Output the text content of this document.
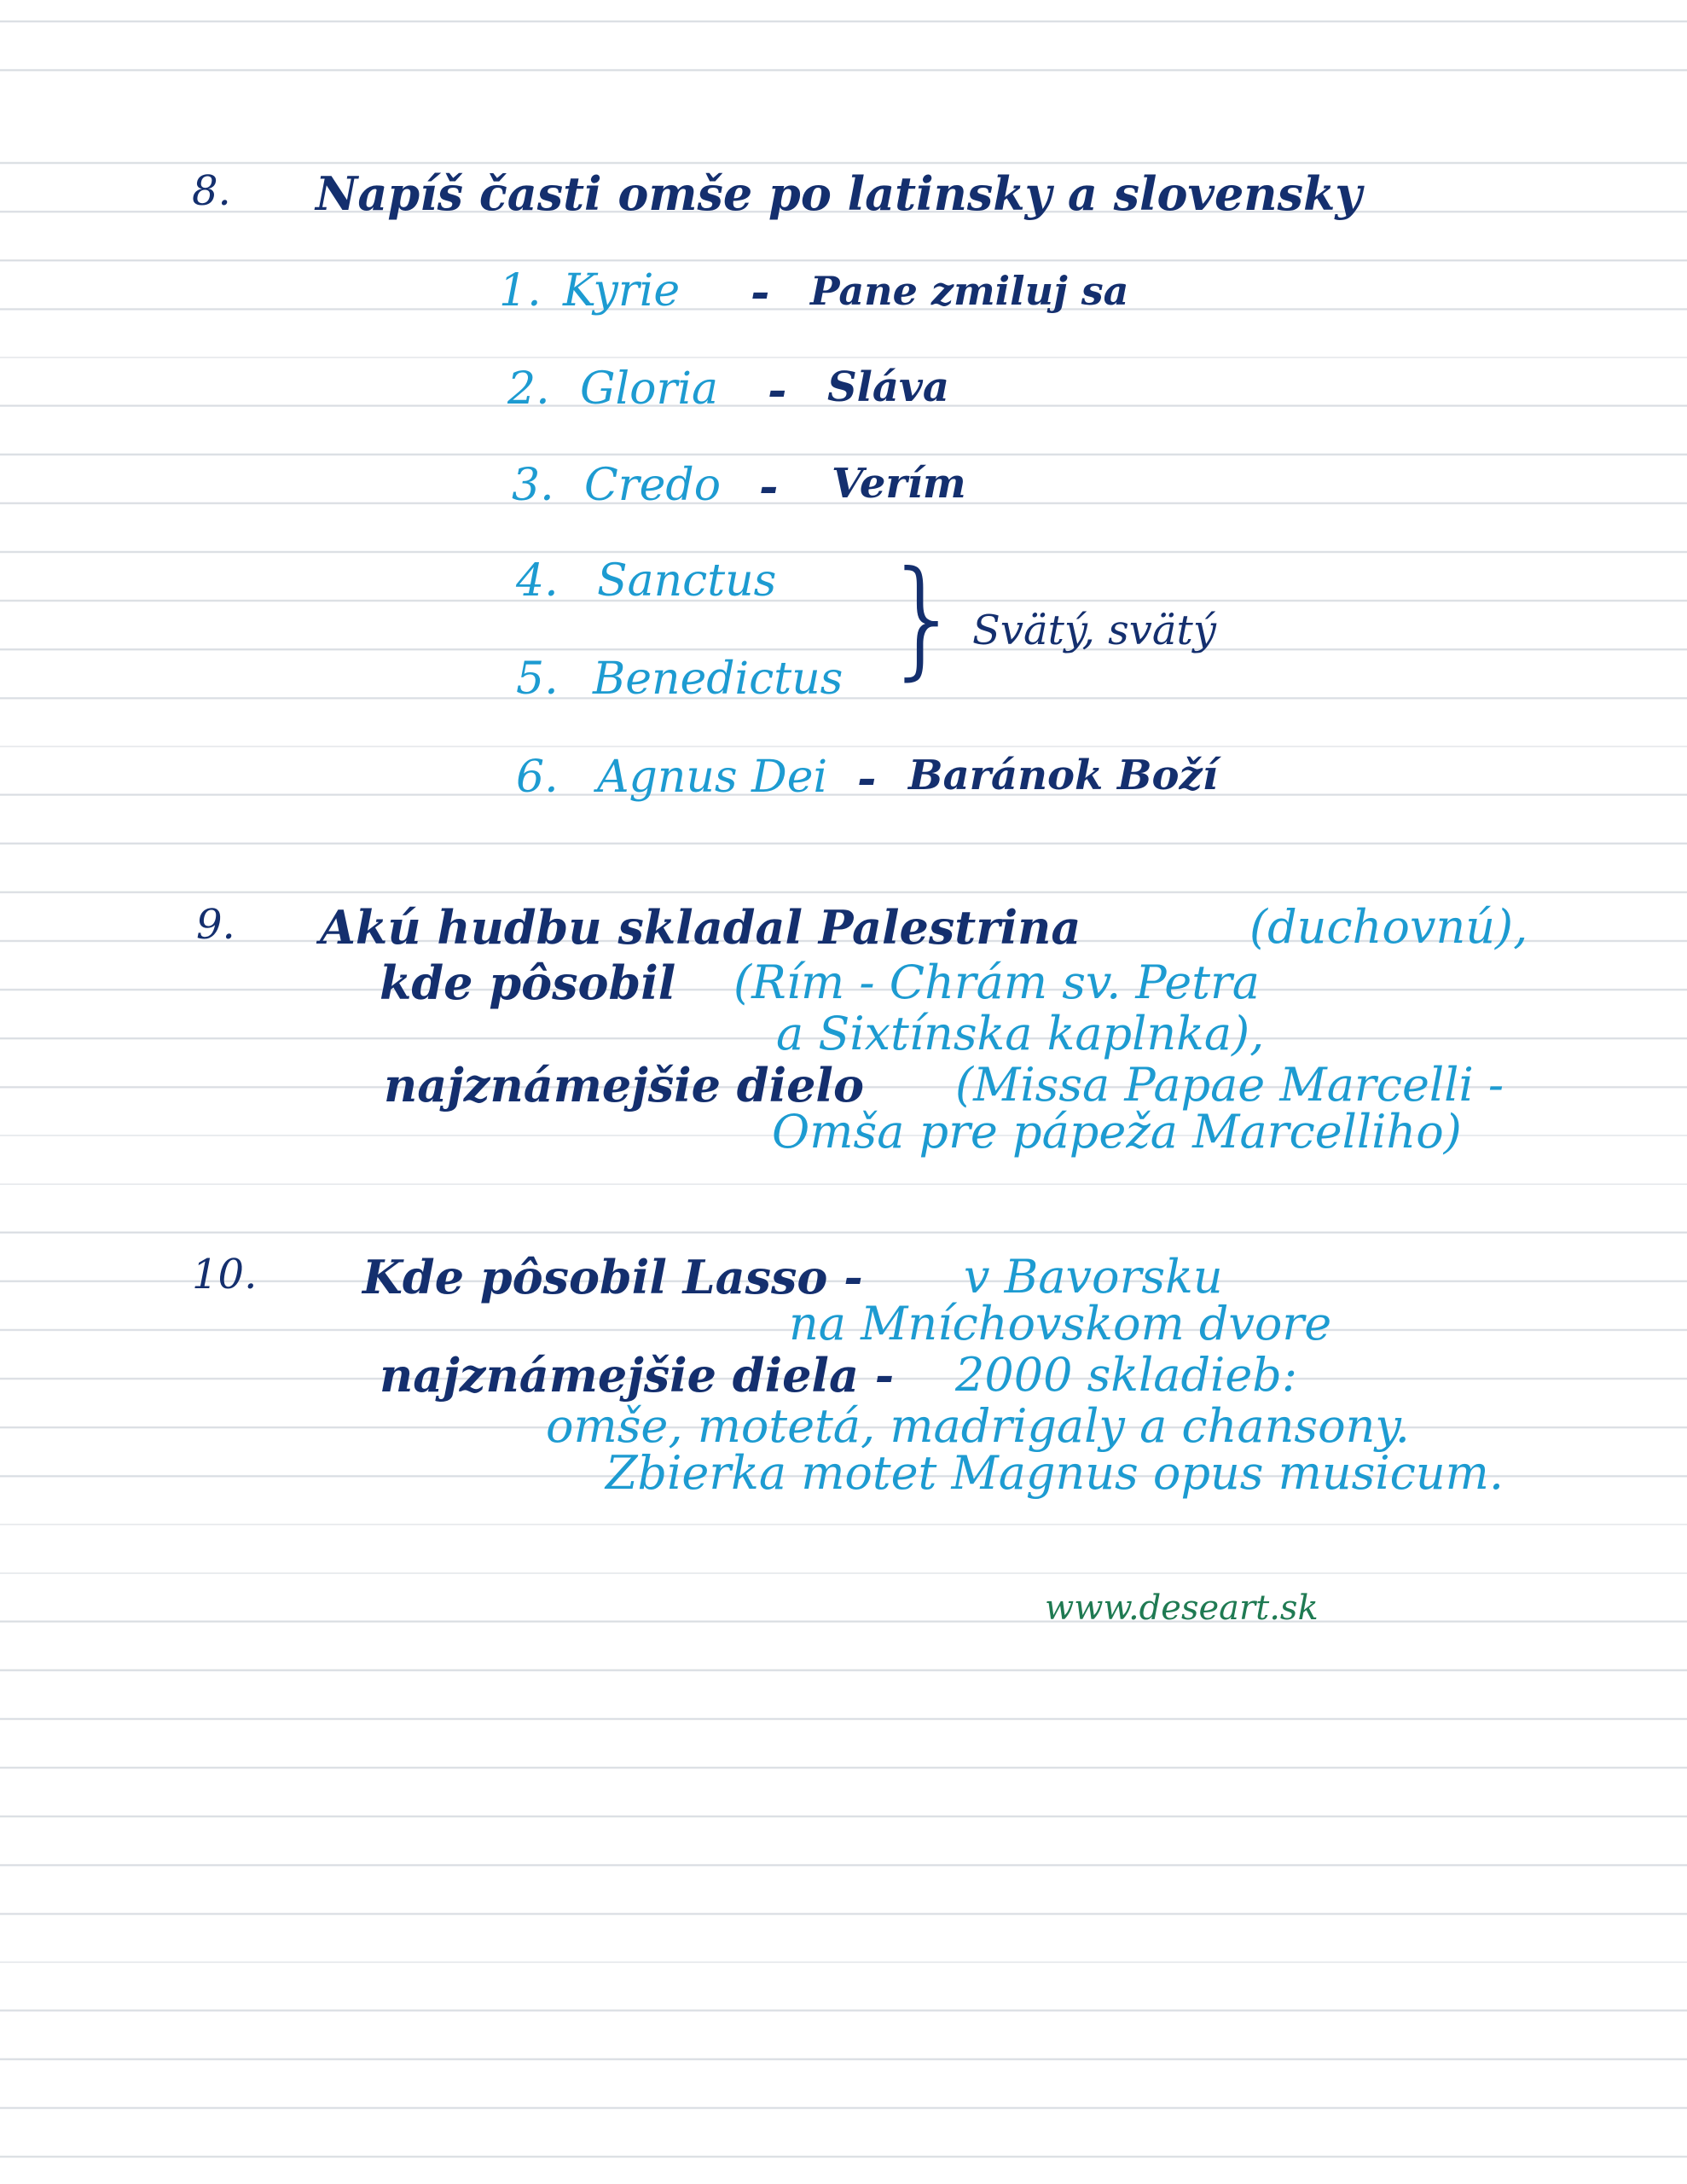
8. Napíš časti omše po latinsky a slovensky
1. Kyrie - Pane zmiluj sa
2. Gloria - Sláva
3. Credo - Verím
4. Sanctus
5. Benedictus } Svätý, svätý
6. Agnus Dei - Baránok Boží
9. Akú hudbu skladal Palestrina	(duchovnú),
kde pôsobil (Rím - Chrám sv. Petra
a Sixtínska kaplnka),
najznámejšie dielo (Missa Papae Marcelli -
Omša pre pápeža Marcelliho)
10. Kde pôsobil Lasso - v Bavorsku
na Mníchovskom dvore
najznámejšie diela - 2000 skladieb:
omše, motetá, madrigaly a chansony.
Zbierka motet Magnus opus musicum.
www.deseart.sk
